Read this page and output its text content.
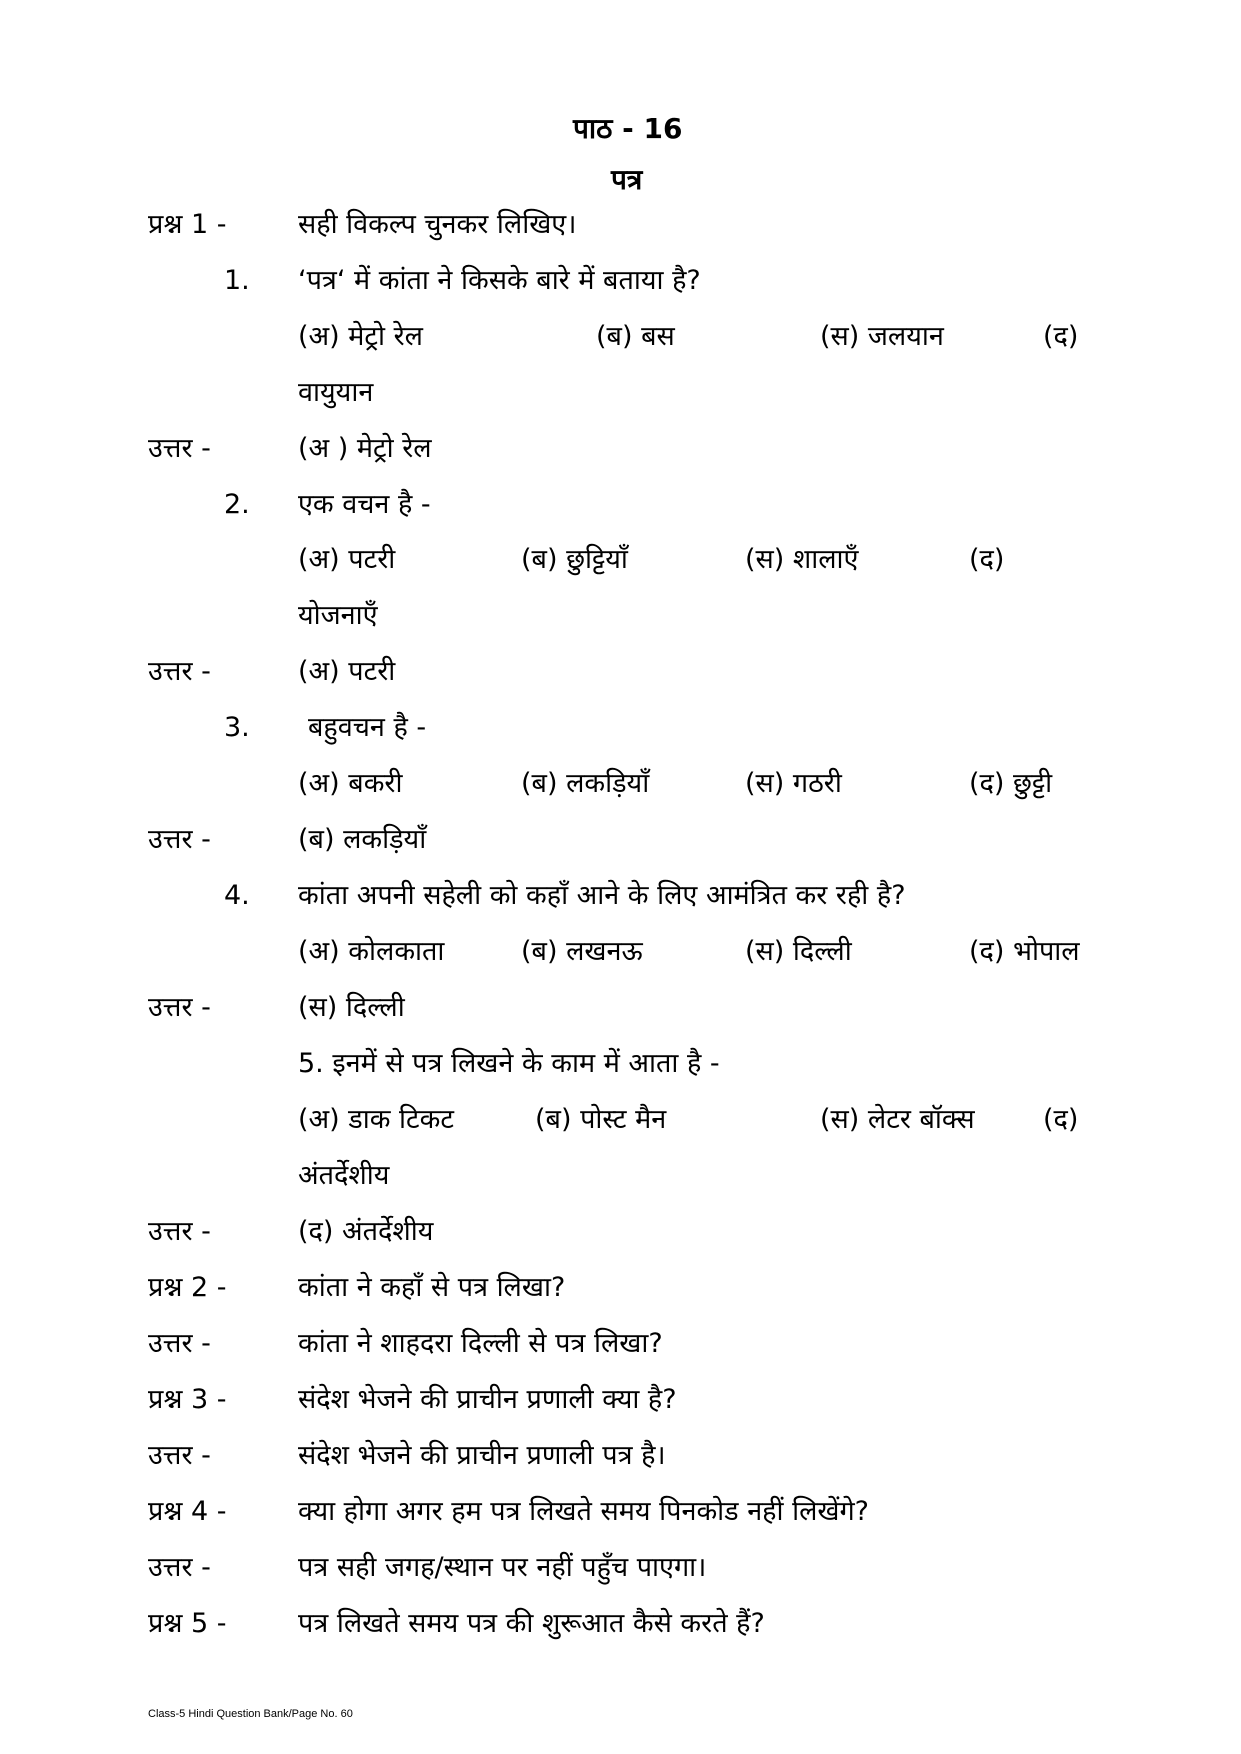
पाठ - 16
पत्र
प्रश्न 1 -	सही विकल्प चुनकर लिखिए।
1. ‘पत्र‘ में कांता ने किसके बारे में बताया है?
(अ) मेट्रो रेल	(ब) बस	(स) जलयान	(द)
वायुयान
उत्तर -	(अ ) मेट्रो रेल
2. एक वचन है -
(अ) पटरी	(ब) छुट्टियाँ	(स) शालाएँ	(द)
योजनाएँ
उत्तर -	(अ) पटरी
3. बहुवचन है -
(अ) बकरी	(ब) लकड़ियाँ	(स) गठरी	(द) छुट्टी
उत्तर -	(ब) लकड़ियाँ
4. कांता अपनी सहेली को कहाँ आने के लिए आमंत्रित कर रही है?
(अ) कोलकाता	(ब) लखनऊ	(स) दिल्ली	(द) भोपाल
उत्तर -	(स) दिल्ली
5. इनमें से पत्र लिखने के काम में आता है -
(अ) डाक टिकट	(ब) पोस्ट मैन	(स) लेटर बॉक्स	(द)
अंतर्देशीय
उत्तर -	(द) अंतर्देशीय
प्रश्न 2 -	कांता ने कहाँ से पत्र लिखा?
उत्तर -	कांता ने शाहदरा दिल्ली से पत्र लिखा?
प्रश्न 3 -	संदेश भेजने की प्राचीन प्रणाली क्या है?
उत्तर -	संदेश भेजने की प्राचीन प्रणाली पत्र है।
प्रश्न 4 -	क्या होगा अगर हम पत्र लिखते समय पिनकोड नहीं लिखेंगे?
उत्तर -	पत्र सही जगह/स्थान पर नहीं पहुँच पाएगा।
प्रश्न 5 -	पत्र लिखते समय पत्र की शुरूआत कैसे करते हैं?
Class-5 Hindi Question Bank/Page No. 60
